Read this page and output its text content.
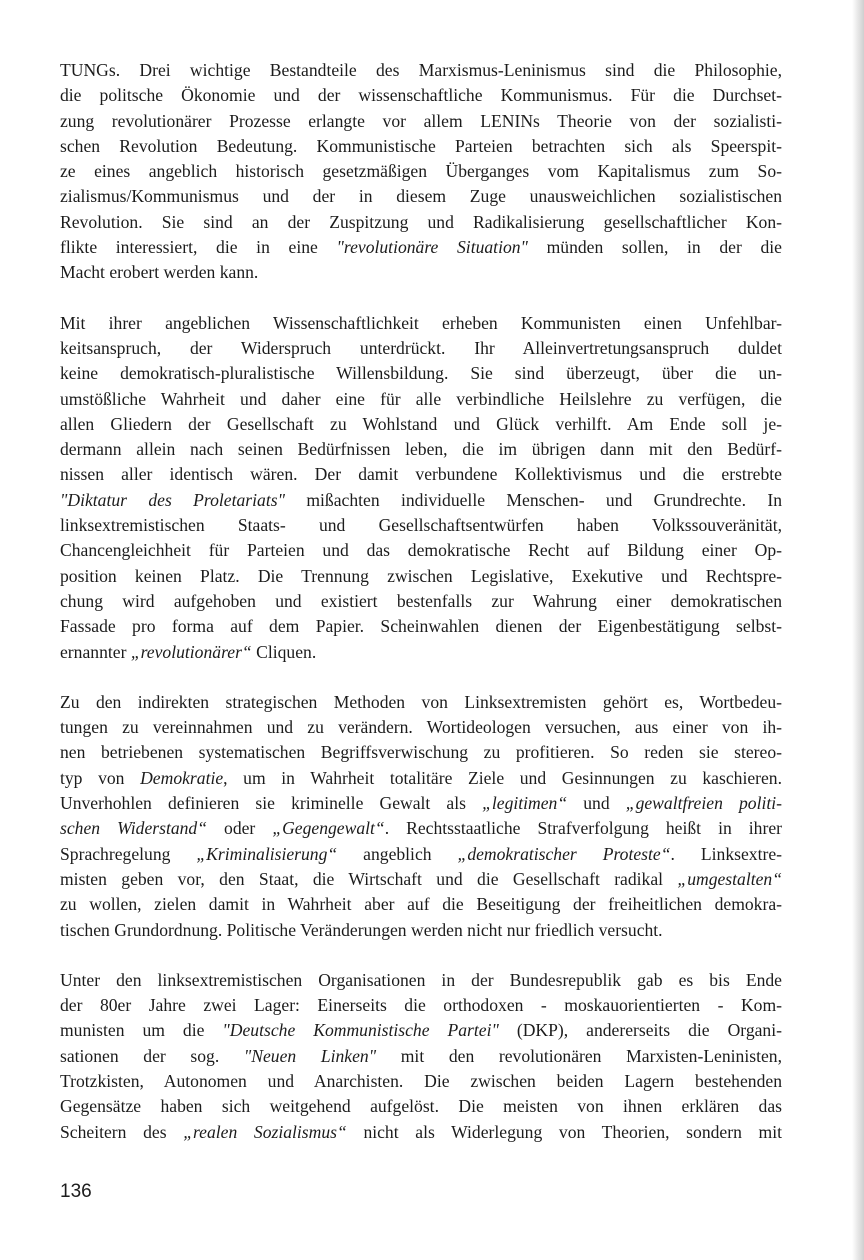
TUNGs. Drei wichtige Bestandteile des Marxismus-Leninismus sind die Philosophie,
die politsche Ökonomie und der wissenschaftliche Kommunismus. Für die Durchset-
zung revolutionärer Prozesse erlangte vor allem LENINs Theorie von der sozialisti-
schen Revolution Bedeutung. Kommunistische Parteien betrachten sich als Speerspit-
ze eines angeblich historisch gesetzmäßigen Überganges vom Kapitalismus zum So-
zialismus/Kommunismus und der in diesem Zuge unausweichlichen sozialistischen
Revolution. Sie sind an der Zuspitzung und Radikalisierung gesellschaftlicher Kon-
flikte interessiert, die in eine "revolutionäre Situation" münden sollen, in der die
Macht erobert werden kann.
Mit ihrer angeblichen Wissenschaftlichkeit erheben Kommunisten einen Unfehlbar-
keitsanspruch, der Widerspruch unterdrückt. Ihr Alleinvertretungsanspruch duldet
keine demokratisch-pluralistische Willensbildung. Sie sind überzeugt, über die un-
umstößliche Wahrheit und daher eine für alle verbindliche Heilslehre zu verfügen, die
allen Gliedern der Gesellschaft zu Wohlstand und Glück verhilft. Am Ende soll je-
dermann allein nach seinen Bedürfnissen leben, die im übrigen dann mit den Bedürf-
nissen aller identisch wären. Der damit verbundene Kollektivismus und die erstrebte
"Diktatur des Proletariats" mißachten individuelle Menschen- und Grundrechte. In
linksextremistischen Staats- und Gesellschaftsentwürfen haben Volkssouveränität,
Chancengleichheit für Parteien und das demokratische Recht auf Bildung einer Op-
position keinen Platz. Die Trennung zwischen Legislative, Exekutive und Rechtspre-
chung wird aufgehoben und existiert bestenfalls zur Wahrung einer demokratischen
Fassade pro forma auf dem Papier. Scheinwahlen dienen der Eigenbestätigung selbst-
ernannter „revolutionärer“ Cliquen.
Zu den indirekten strategischen Methoden von Linksextremisten gehört es, Wortbedeu-
tungen zu vereinnahmen und zu verändern. Wortideologen versuchen, aus einer von ih-
nen betriebenen systematischen Begriffsverwischung zu profitieren. So reden sie stereo-
typ von Demokratie, um in Wahrheit totalitäre Ziele und Gesinnungen zu kaschieren.
Unverhohlen definieren sie kriminelle Gewalt als „legitimen“ und „gewaltfreien politi-
schen Widerstand“ oder „Gegengewalt“. Rechtsstaatliche Strafverfolgung heißt in ihrer
Sprachregelung „Kriminalisierung“ angeblich „demokratischer Proteste“. Linksextre-
misten geben vor, den Staat, die Wirtschaft und die Gesellschaft radikal „umgestalten“
zu wollen, zielen damit in Wahrheit aber auf die Beseitigung der freiheitlichen demokra-
tischen Grundordnung. Politische Veränderungen werden nicht nur friedlich versucht.
Unter den linksextremistischen Organisationen in der Bundesrepublik gab es bis Ende
der 80er Jahre zwei Lager: Einerseits die orthodoxen - moskauorientierten - Kom-
munisten um die "Deutsche Kommunistische Partei" (DKP), andererseits die Organi-
sationen der sog. "Neuen Linken" mit den revolutionären Marxisten-Leninisten,
Trotzkisten, Autonomen und Anarchisten. Die zwischen beiden Lagern bestehenden
Gegensätze haben sich weitgehend aufgelöst. Die meisten von ihnen erklären das
Scheitern des „realen Sozialismus“ nicht als Widerlegung von Theorien, sondern mit
136
